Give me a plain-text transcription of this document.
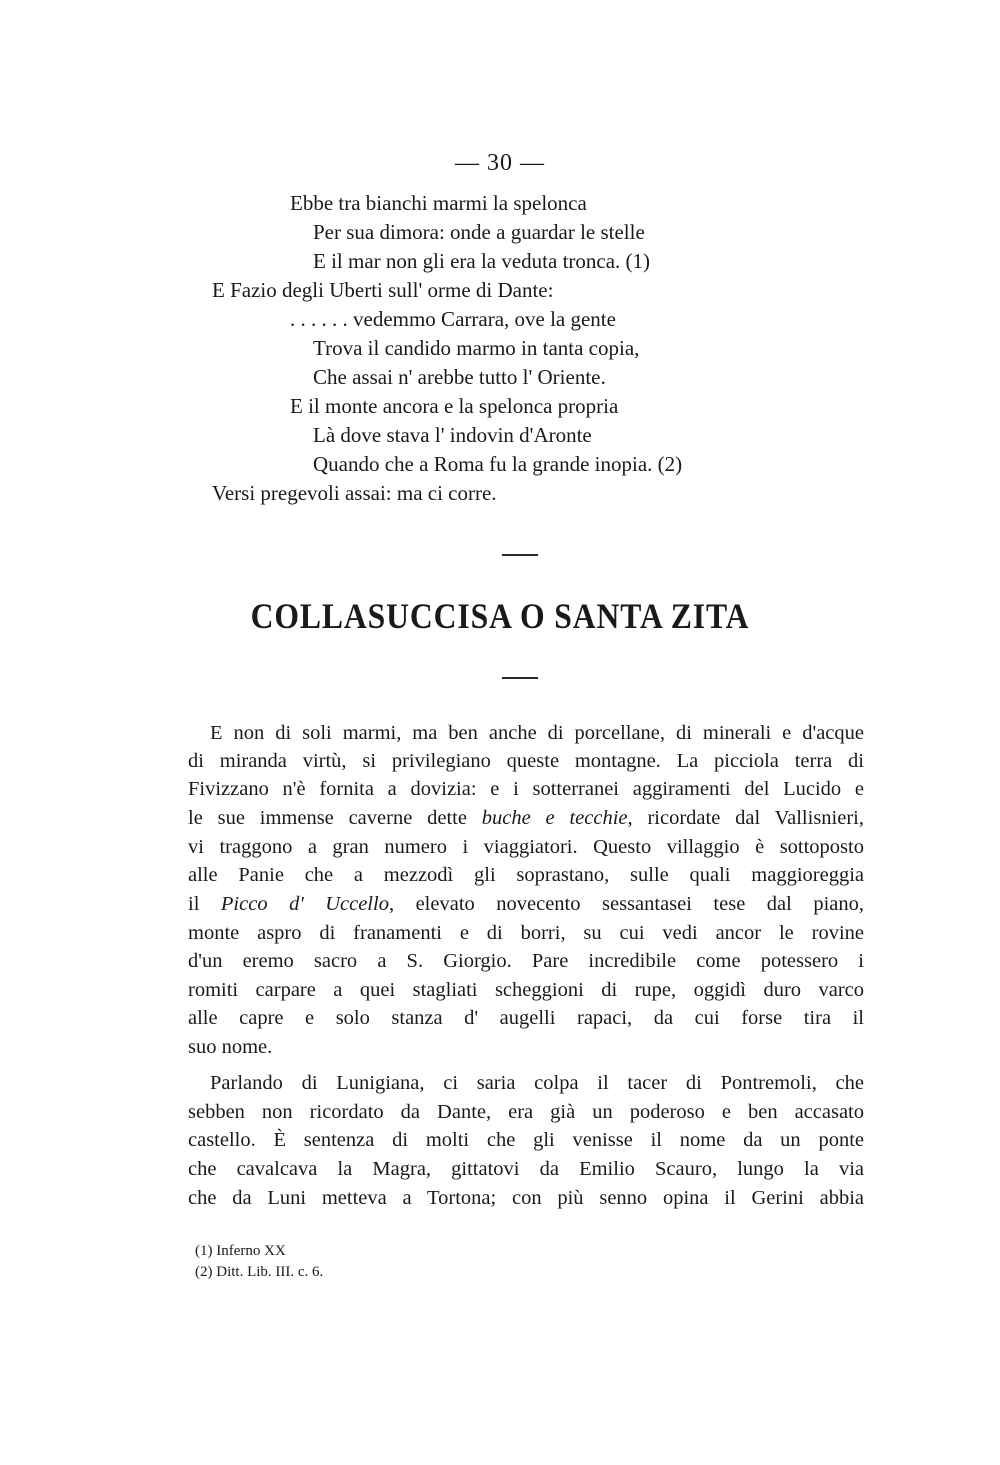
— 30 —
Ebbe tra bianchi marmi la spelonca
Per sua dimora: onde a guardar le stelle
E il mar non gli era la veduta tronca. (1)
E Fazio degli Uberti sull' orme di Dante:
. . . . . . vedemmo Carrara, ove la gente
Trova il candido marmo in tanta copia,
Che assai n' arebbe tutto l' Oriente.
E il monte ancora e la spelonca propria
Là dove stava l' indovin d'Aronte
Quando che a Roma fu la grande inopia. (2)
Versi pregevoli assai: ma ci corre.
COLLASUCCISA O SANTA ZITA
E non di soli marmi, ma ben anche di porcellane, di minerali e d'acque
di miranda virtù, si privilegiano queste montagne. La picciola terra di
Fivizzano n'è fornita a dovizia: e i sotterranei aggiramenti del Lucido e
le sue immense caverne dette buche e tecchie, ricordate dal Vallisnieri,
vi traggono a gran numero i viaggiatori. Questo villaggio è sottoposto
alle Panie che a mezzodì gli soprastano, sulle quali maggioreggia
il Picco d' Uccello, elevato novecento sessantasei tese dal piano,
monte aspro di franamenti e di borri, su cui vedi ancor le rovine
d'un eremo sacro a S. Giorgio. Pare incredibile come potessero i
romiti carpare a quei stagliati scheggioni di rupe, oggidì duro varco
alle capre e solo stanza d' augelli rapaci, da cui forse tira il
suo nome.
Parlando di Lunigiana, ci saria colpa il tacer di Pontremoli, che
sebben non ricordato da Dante, era già un poderoso e ben accasato
castello. È sentenza di molti che gli venisse il nome da un ponte
che cavalcava la Magra, gittatovi da Emilio Scauro, lungo la via
che da Luni metteva a Tortona; con più senno opina il Gerini abbia
(1) Inferno XX
(2) Ditt. Lib. III. c. 6.
